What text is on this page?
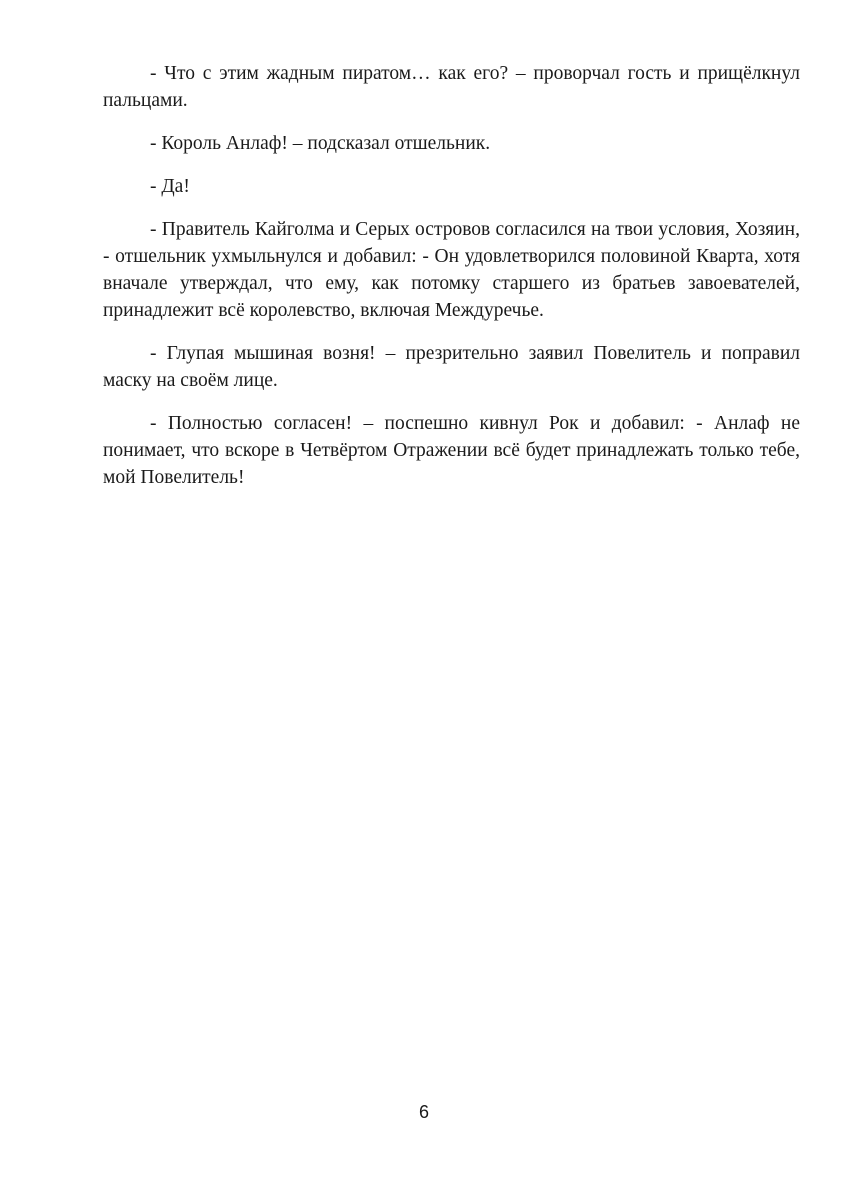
- Что с этим жадным пиратом… как его? – проворчал гость и прищёлкнул пальцами.

- Король Анлаф! – подсказал отшельник.

- Да!

- Правитель Кайголма и Серых островов согласился на твои условия, Хозяин, - отшельник ухмыльнулся и добавил: - Он удовлетворился половиной Кварта, хотя вначале утверждал, что ему, как потомку старшего из братьев завоевателей, принадлежит всё королевство, включая Междуречье.

- Глупая мышиная возня! – презрительно заявил Повелитель и поправил маску на своём лице.

- Полностью согласен! – поспешно кивнул Рок и добавил: - Анлаф не понимает, что вскоре в Четвёртом Отражении всё будет принадлежать только тебе, мой Повелитель!

6
